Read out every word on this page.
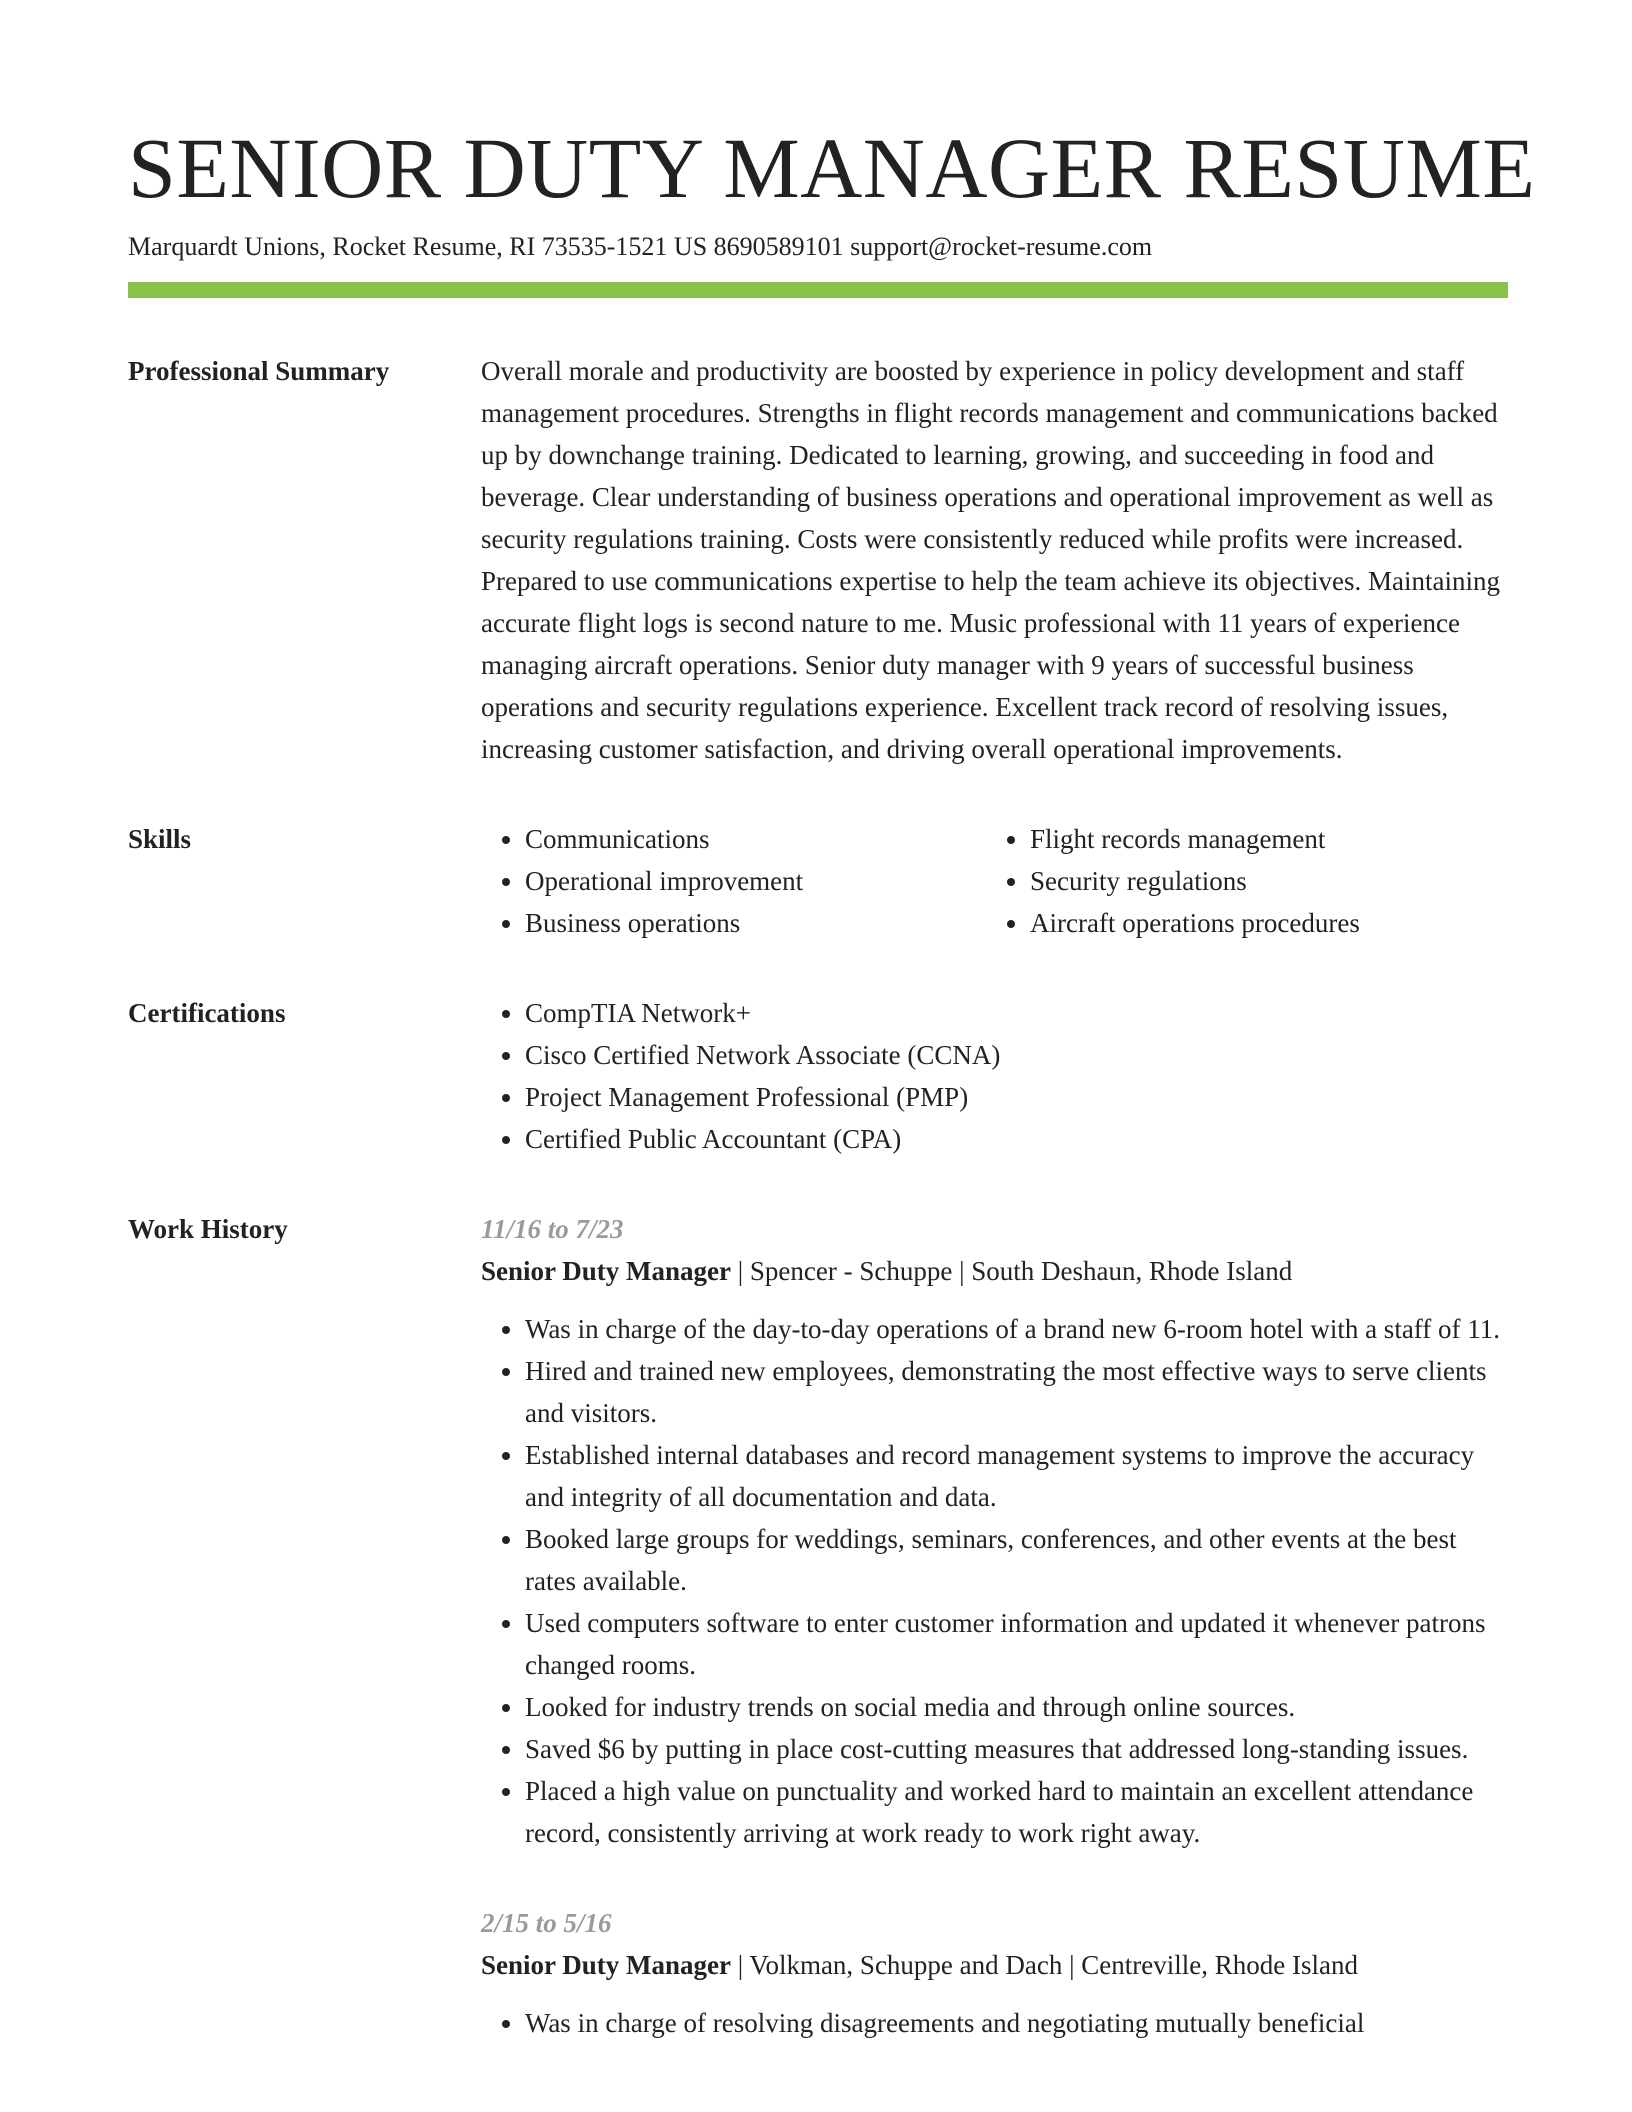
SENIOR DUTY MANAGER RESUME
Marquardt Unions, Rocket Resume, RI 73535-1521 US 8690589101 support@rocket-resume.com
Professional Summary	Overall morale and productivity are boosted by experience in policy development and staff management procedures. Strengths in flight records management and communications backed up by downchange training. Dedicated to learning, growing, and succeeding in food and beverage. Clear understanding of business operations and operational improvement as well as security regulations training. Costs were consistently reduced while profits were increased. Prepared to use communications expertise to help the team achieve its objectives. Maintaining accurate flight logs is second nature to me. Music professional with 11 years of experience managing aircraft operations. Senior duty manager with 9 years of successful business operations and security regulations experience. Excellent track record of resolving issues, increasing customer satisfaction, and driving overall operational improvements.

Skills	• Communications
• Operational improvement
• Business operations
• Flight records management
• Security regulations
• Aircraft operations procedures
Certifications	• CompTIA Network+
• Cisco Certified Network Associate (CCNA)
• Project Management Professional (PMP)
• Certified Public Accountant (CPA)
Work History	11/16 to 7/23
Senior Duty Manager | Spencer - Schuppe | South Deshaun, Rhode Island
• Was in charge of the day-to-day operations of a brand new 6-room hotel with a staff of 11.
• Hired and trained new employees, demonstrating the most effective ways to serve clients and visitors.
• Established internal databases and record management systems to improve the accuracy and integrity of all documentation and data.
• Booked large groups for weddings, seminars, conferences, and other events at the best rates available.
• Used computers software to enter customer information and updated it whenever patrons changed rooms.
• Looked for industry trends on social media and through online sources.
• Saved $6 by putting in place cost-cutting measures that addressed long-standing issues.
• Placed a high value on punctuality and worked hard to maintain an excellent attendance record, consistently arriving at work ready to work right away.
2/15 to 5/16
Senior Duty Manager | Volkman, Schuppe and Dach | Centreville, Rhode Island
• Was in charge of resolving disagreements and negotiating mutually beneficial
